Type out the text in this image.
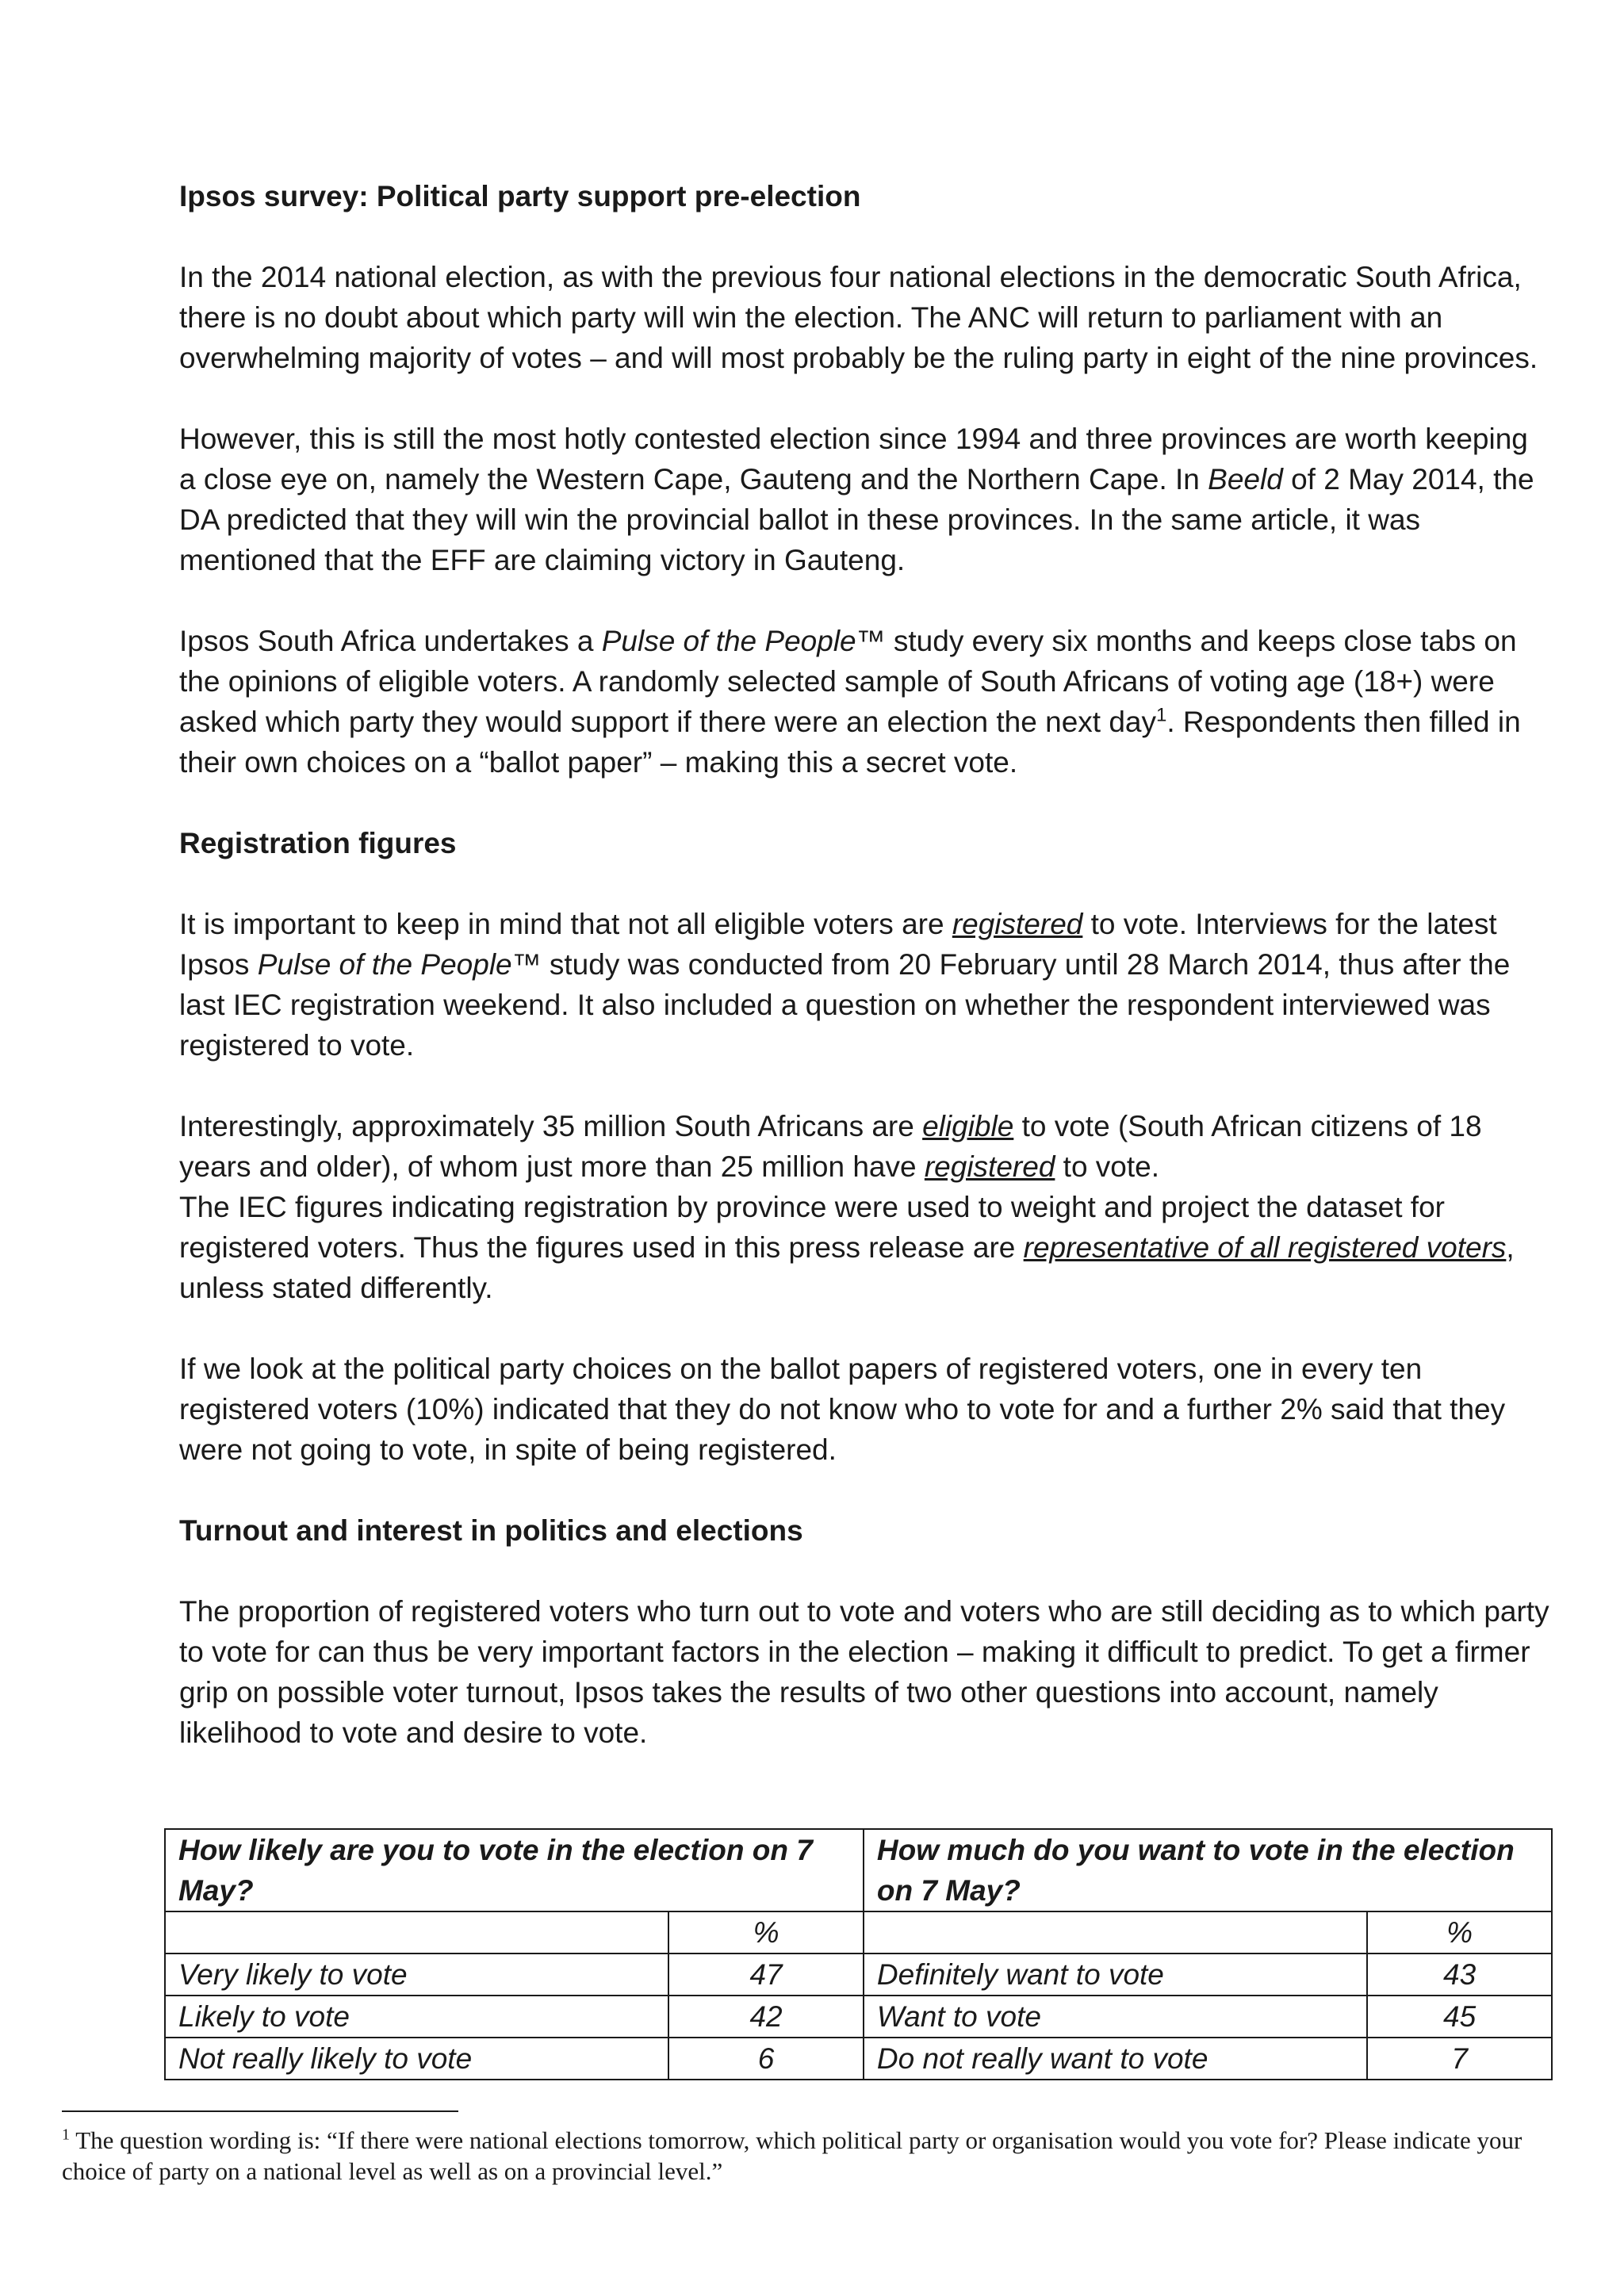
Ipsos survey: Political party support pre-election

In the 2014 national election, as with the previous four national elections in the democratic South Africa, there is no doubt about which party will win the election. The ANC will return to parliament with an overwhelming majority of votes – and will most probably be the ruling party in eight of the nine provinces.

However, this is still the most hotly contested election since 1994 and three provinces are worth keeping a close eye on, namely the Western Cape, Gauteng and the Northern Cape. In Beeld of 2 May 2014, the DA predicted that they will win the provincial ballot in these provinces. In the same article, it was mentioned that the EFF are claiming victory in Gauteng.

Ipsos South Africa undertakes a Pulse of the People™ study every six months and keeps close tabs on the opinions of eligible voters. A randomly selected sample of South Africans of voting age (18+) were asked which party they would support if there were an election the next day$^1$. Respondents then filled in their own choices on a “ballot paper” – making this a secret vote.

Registration figures

It is important to keep in mind that not all eligible voters are registered to vote. Interviews for the latest Ipsos Pulse of the People™ study was conducted from 20 February until 28 March 2014, thus after the last IEC registration weekend. It also included a question on whether the respondent interviewed was registered to vote.

Interestingly, approximately 35 million South Africans are eligible to vote (South African citizens of 18 years and older), of whom just more than 25 million have registered to vote.

The IEC figures indicating registration by province were used to weight and project the dataset for registered voters. Thus the figures used in this press release are representative of all registered voters, unless stated differently.

If we look at the political party choices on the ballot papers of registered voters, one in every ten registered voters (10%) indicated that they do not know who to vote for and a further 2% said that they were not going to vote, in spite of being registered.

Turnout and interest in politics and elections

The proportion of registered voters who turn out to vote and voters who are still deciding as to which party to vote for can thus be very important factors in the election – making it difficult to predict. To get a firmer grip on possible voter turnout, Ipsos takes the results of two other questions into account, namely likelihood to vote and desire to vote.

How likely are you to vote in the election on 7 May?		How much do you want to vote in the election on 7 May?	
	%		%
Very likely to vote	47	Definitely want to vote	43
Likely to vote	42	Want to vote	45
Not really likely to vote	6	Do not really want to vote	7
$^1$ The question wording is: “If there were national elections tomorrow, which political party or organisation would you vote for? Please indicate your choice of party on a national level as well as on a provincial level.”
